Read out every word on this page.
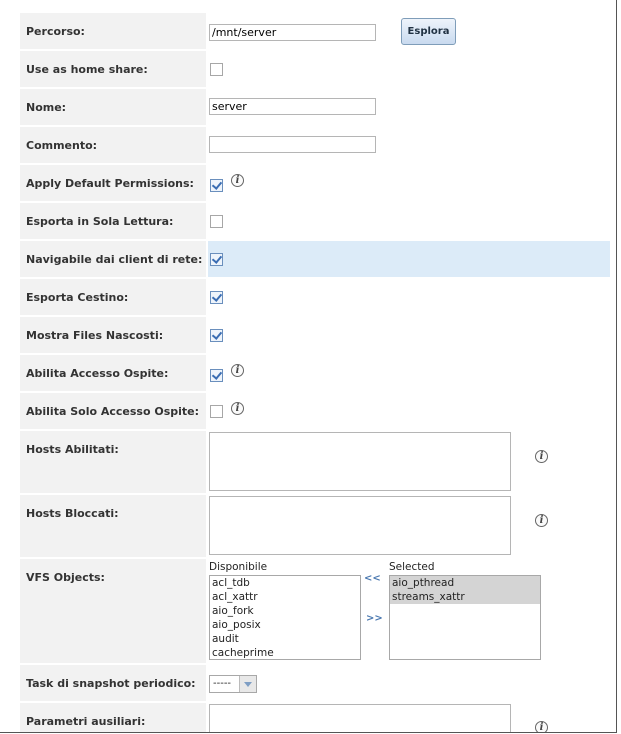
Percorso:
/mnt/server	Esplora
Use as home share:
Nome:
server
Commento:
Apply Default Permissions:	i
Esporta in Sola Lettura:
Navigabile dai client di rete:
Esporta Cestino:
Mostra Files Nascosti:
Abilita Accesso Ospite:	i
Abilita Solo Accesso Ospite:	i
Hosts Abilitati:
i
Hosts Bloccati:
i
VFS Objects:
Disponibile
acl_tdb
acl_xattr
aio_fork
aio_posix
audit
cacheprime
<<
>>
Selected
aio_pthread
streams_xattr
Task di snapshot periodico:	-----
Parametri ausiliari:	i
